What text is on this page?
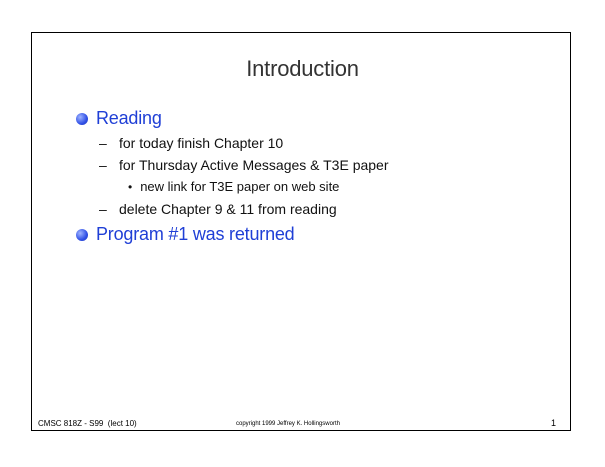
Introduction
Reading
– for today finish Chapter 10
– for Thursday Active Messages & T3E paper
• new link for T3E paper on web site
– delete Chapter 9 & 11 from reading
Program #1 was returned
CMSC 818Z - S99  (lect 10)	copyright 1999 Jeffrey K. Hollingsworth	1
